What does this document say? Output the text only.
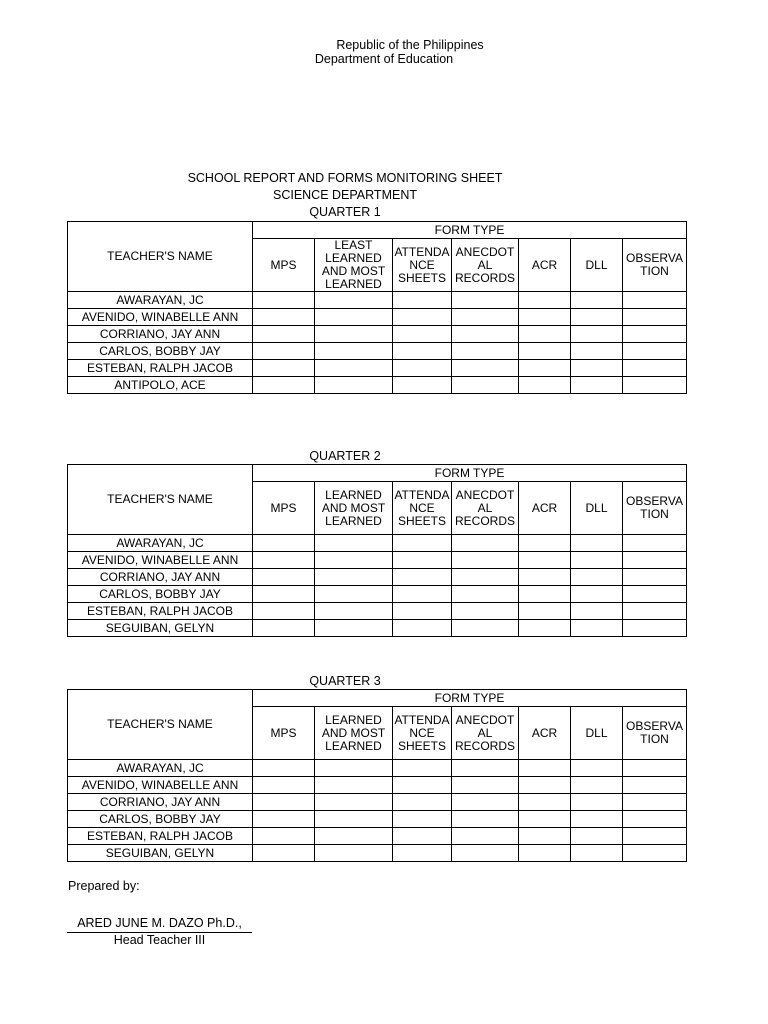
Republic of the Philippines
Department of Education
SCHOOL REPORT AND FORMS MONITORING SHEET
SCIENCE DEPARTMENT
QUARTER 1
TEACHER'S NAME	FORM TYPE						
	MPS	LEAST LEARNED AND MOST LEARNED	ATTENDA NCE SHEETS	ANECDOT AL RECORDS	ACR	DLL	OBSERVA TION
AWARAYAN, JC							
AVENIDO, WINABELLE ANN							
CORRIANO, JAY ANN							
CARLOS, BOBBY JAY							
ESTEBAN, RALPH JACOB							
ANTIPOLO, ACE							
QUARTER 2
TEACHER'S NAME	FORM TYPE						
	MPS	LEARNED AND MOST LEARNED	ATTENDA NCE SHEETS	ANECDOT AL RECORDS	ACR	DLL	OBSERVA TION
AWARAYAN, JC							
AVENIDO, WINABELLE ANN							
CORRIANO, JAY ANN							
CARLOS, BOBBY JAY							
ESTEBAN, RALPH JACOB							
SEGUIBAN, GELYN							
QUARTER 3
TEACHER'S NAME	FORM TYPE						
	MPS	LEARNED AND MOST LEARNED	ATTENDA NCE SHEETS	ANECDOT AL RECORDS	ACR	DLL	OBSERVA TION
AWARAYAN, JC							
AVENIDO, WINABELLE ANN							
CORRIANO, JAY ANN							
CARLOS, BOBBY JAY							
ESTEBAN, RALPH JACOB							
SEGUIBAN, GELYN							
Prepared by:
ARED JUNE M. DAZO Ph.D.,
Head Teacher III
